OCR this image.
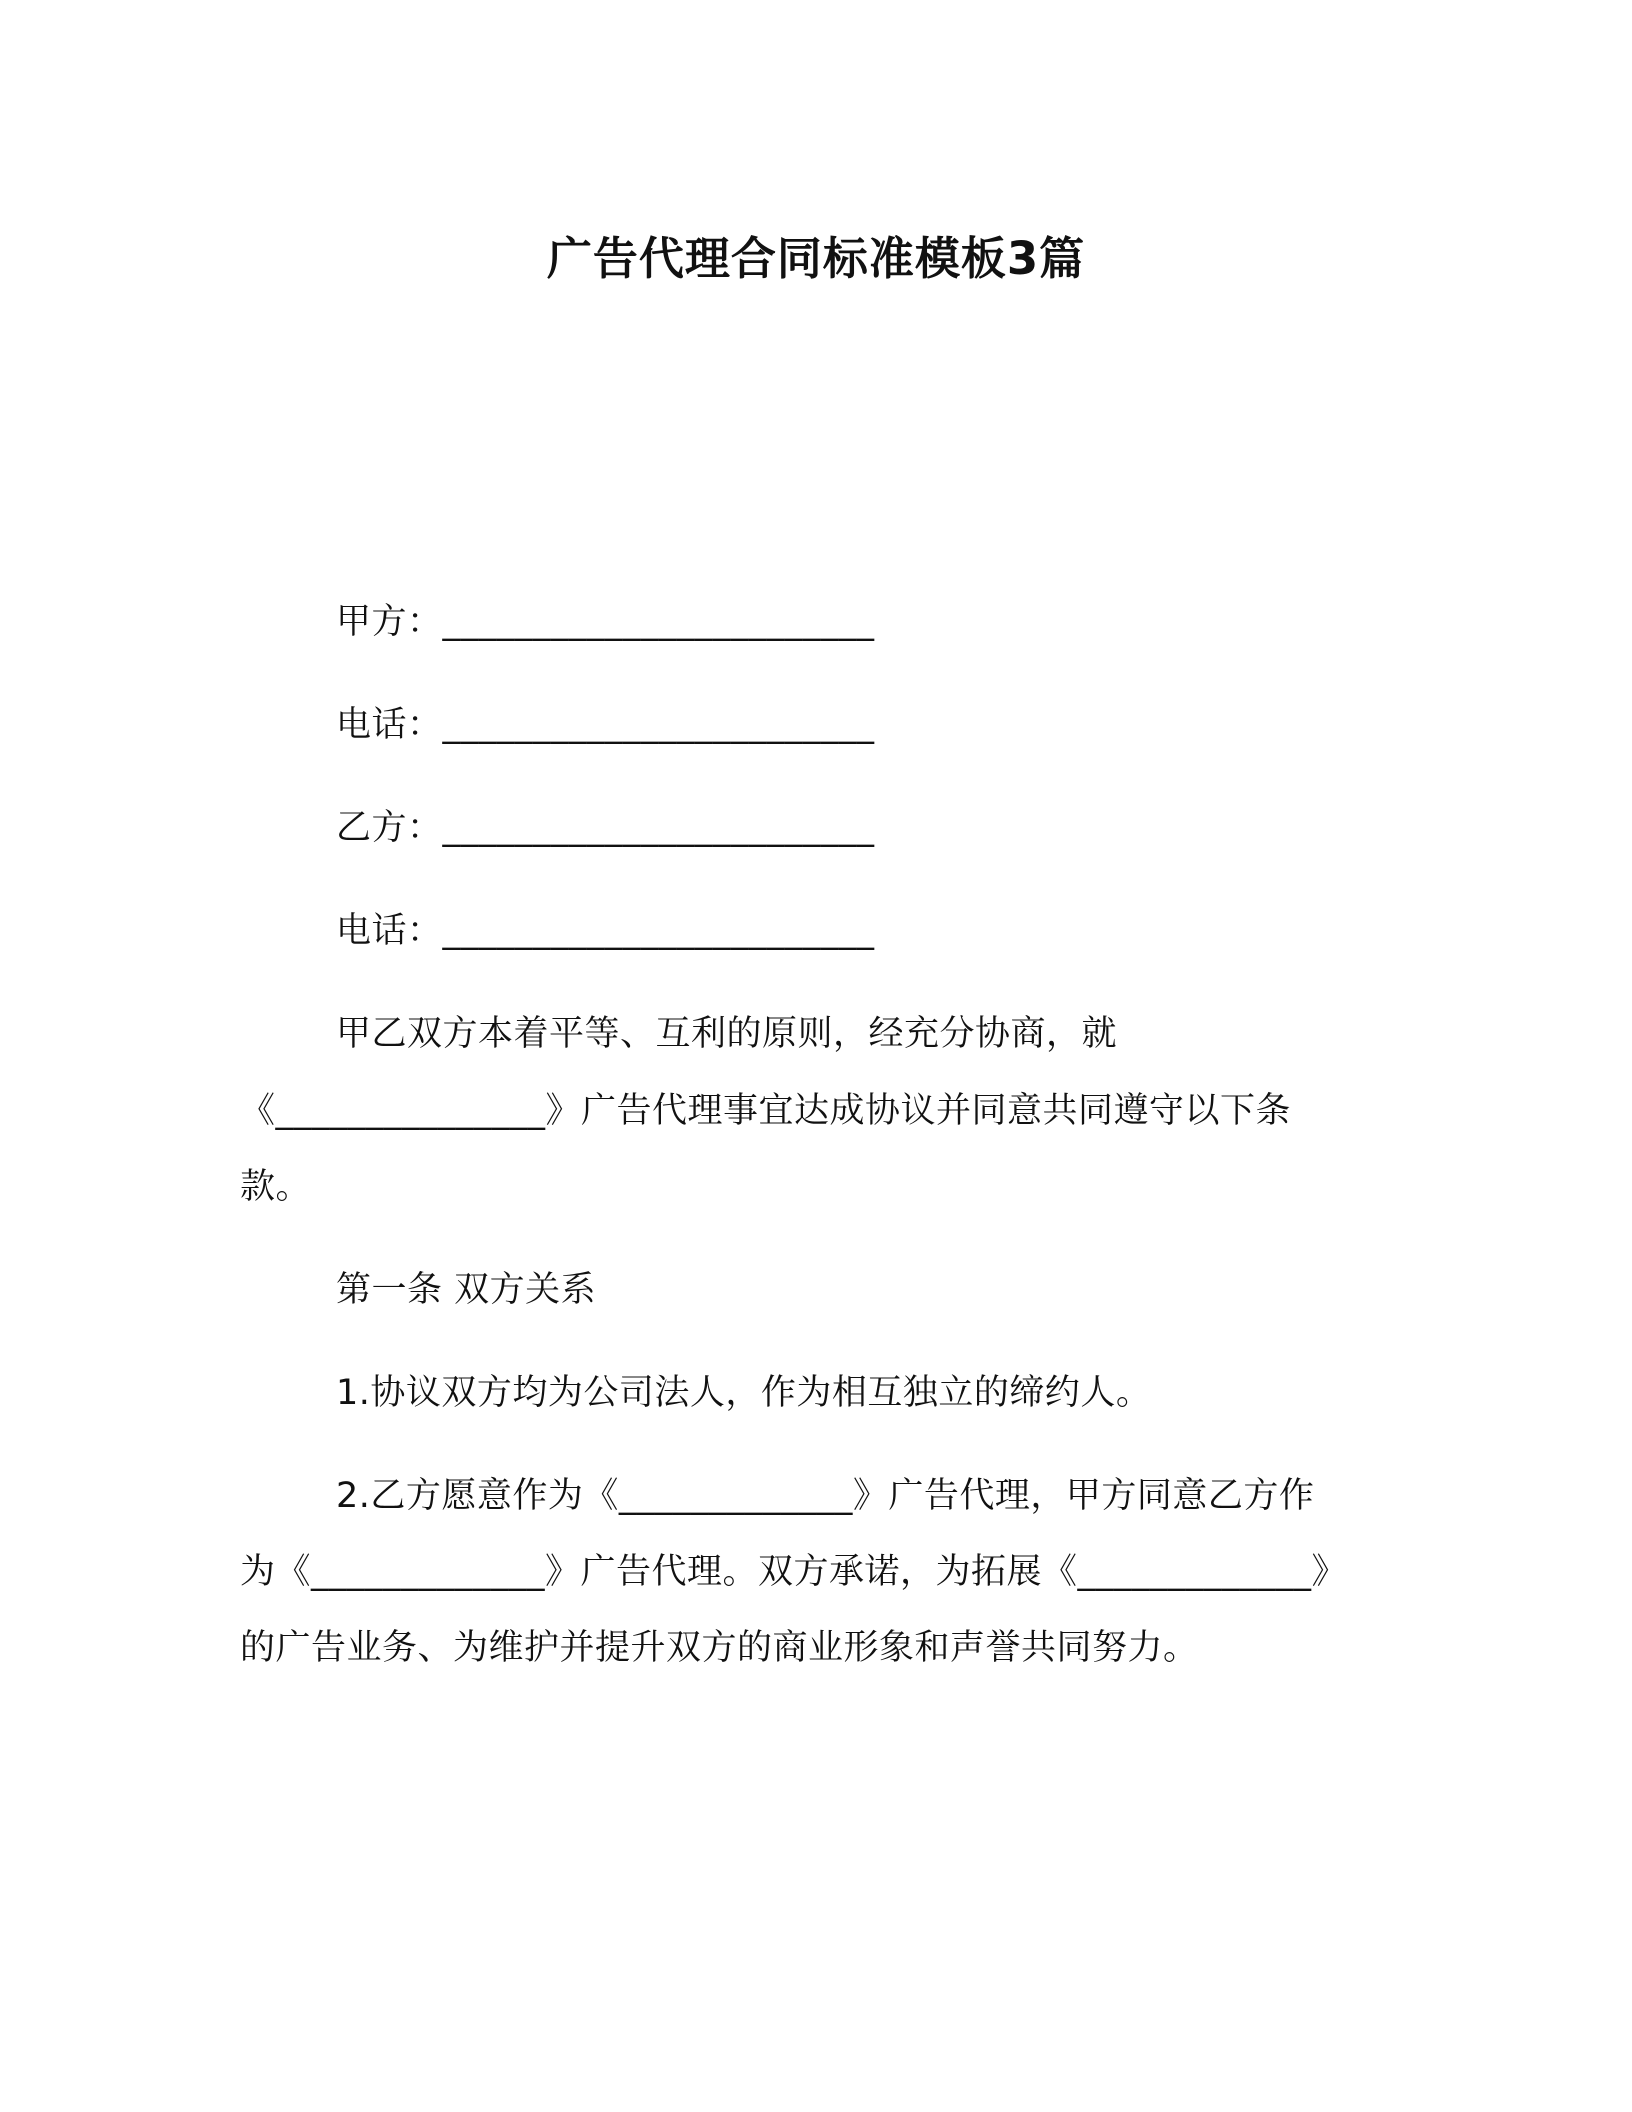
广告代理合同标准模板3篇
甲方：________________________
电话：________________________
乙方：________________________
电话：________________________
甲乙双方本着平等、互利的原则，经充分协商，就
《_______________》广告代理事宜达成协议并同意共同遵守以下条
款。
第一条 双方关系
1.协议双方均为公司法人，作为相互独立的缔约人。
2.乙方愿意作为《_____________》广告代理，甲方同意乙方作
为《_____________》广告代理。双方承诺，为拓展《_____________》
的广告业务、为维护并提升双方的商业形象和声誉共同努力。
